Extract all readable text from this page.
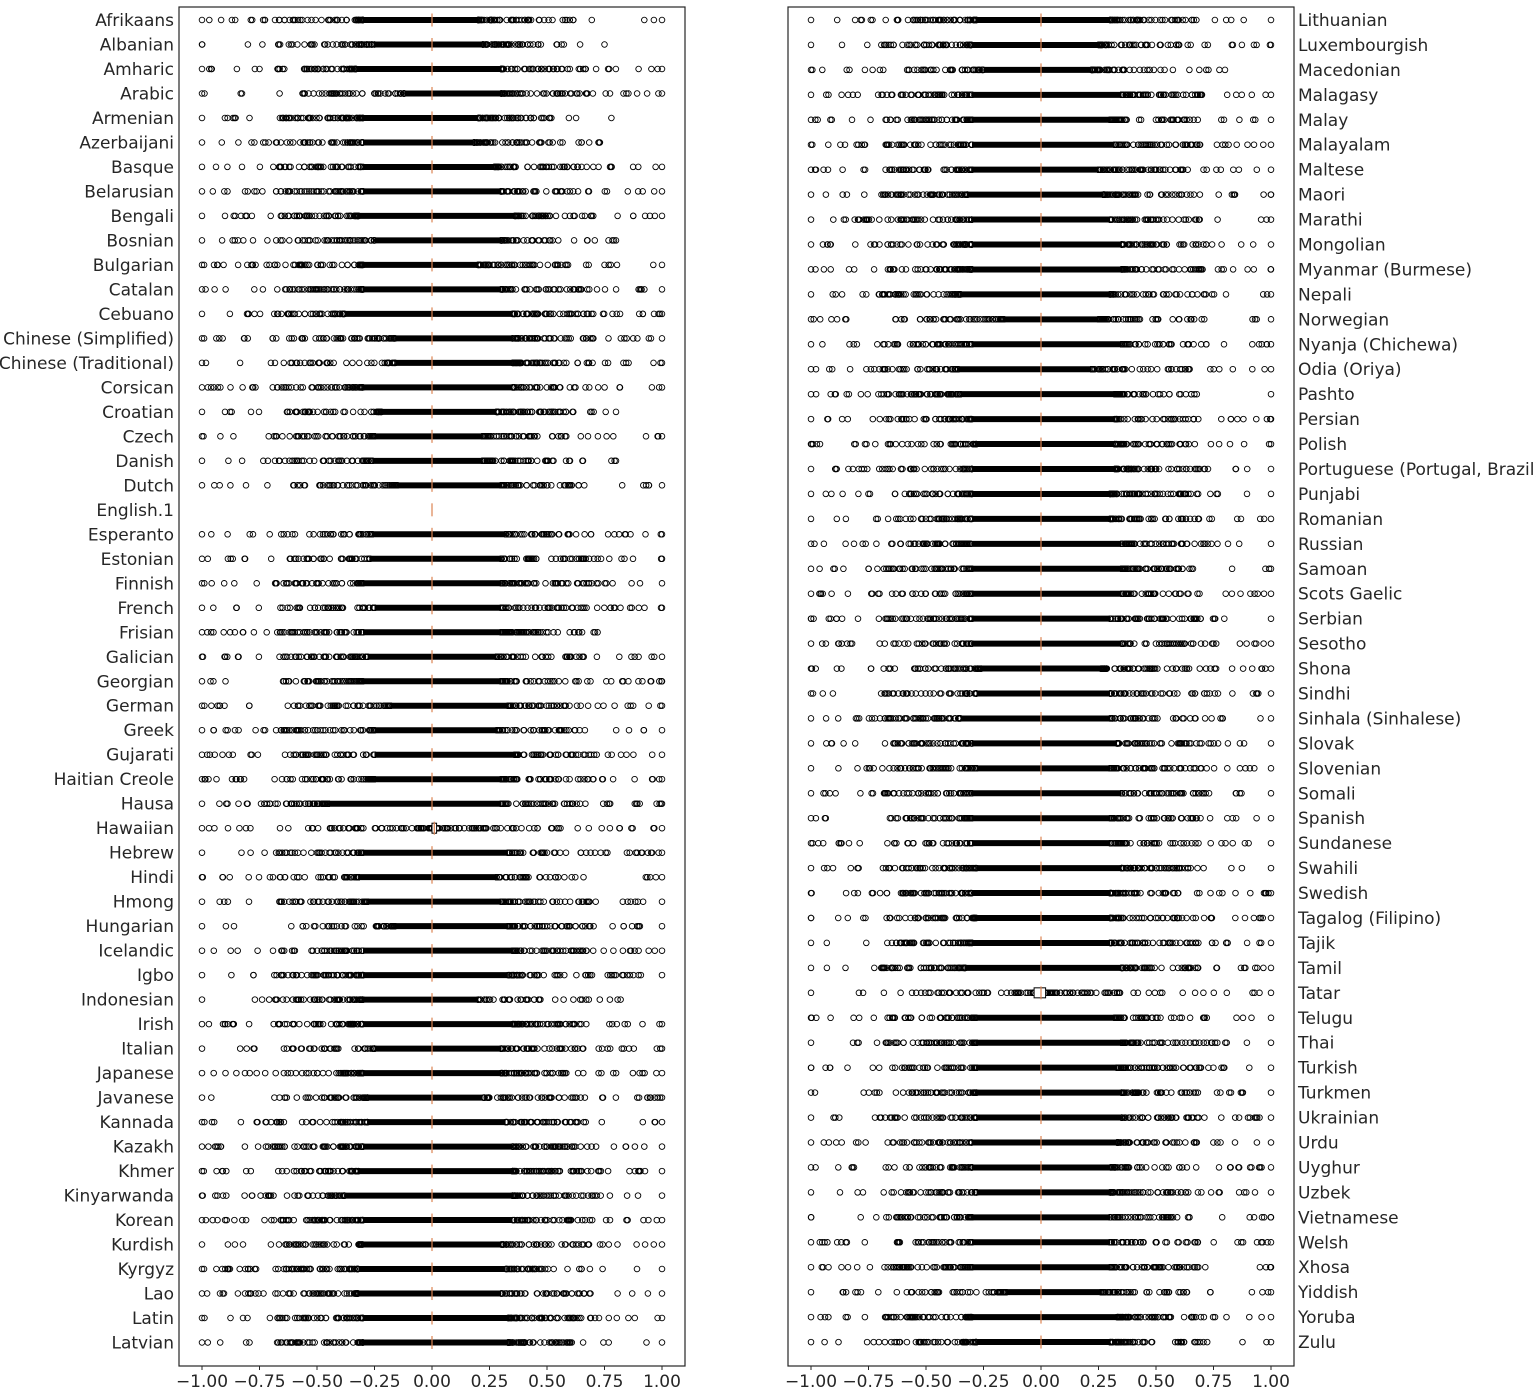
−1.00 −0.75 −0.50 −0.25 0.00 0.25 0.50 0.75 1.00
Afrikaans
Albanian
Amharic
Arabic
Armenian
Azerbaijani
Basque
Belarusian
Bengali
Bosnian
Bulgarian
Catalan
Cebuano
Chinese (Simplified)
Chinese (Traditional)
Corsican
Croatian
Czech
Danish
Dutch
English.1
Esperanto
Estonian
Finnish
French
Frisian
Galician
Georgian
German
Greek
Gujarati
Haitian Creole
Hausa
Hawaiian
Hebrew
Hindi
Hmong
Hungarian
Icelandic
Igbo
Indonesian
Irish
Italian
Japanese
Javanese
Kannada
Kazakh
Khmer
Kinyarwanda
Korean
Kurdish
Kyrgyz
Lao
Latin
Latvian
−1.00 −0.75 −0.50 −0.25 0.00 0.25 0.50 0.75 1.00
Lithuanian
Luxembourgish
Macedonian
Malagasy
Malay
Malayalam
Maltese
Maori
Marathi
Mongolian
Myanmar (Burmese)
Nepali
Norwegian
Nyanja (Chichewa)
Odia (Oriya)
Pashto
Persian
Polish
Portuguese (Portugal, Brazil)
Punjabi
Romanian
Russian
Samoan
Scots Gaelic
Serbian
Sesotho
Shona
Sindhi
Sinhala (Sinhalese)
Slovak
Slovenian
Somali
Spanish
Sundanese
Swahili
Swedish
Tagalog (Filipino)
Tajik
Tamil
Tatar
Telugu
Thai
Turkish
Turkmen
Ukrainian
Urdu
Uyghur
Uzbek
Vietnamese
Welsh
Xhosa
Yiddish
Yoruba
Zulu
